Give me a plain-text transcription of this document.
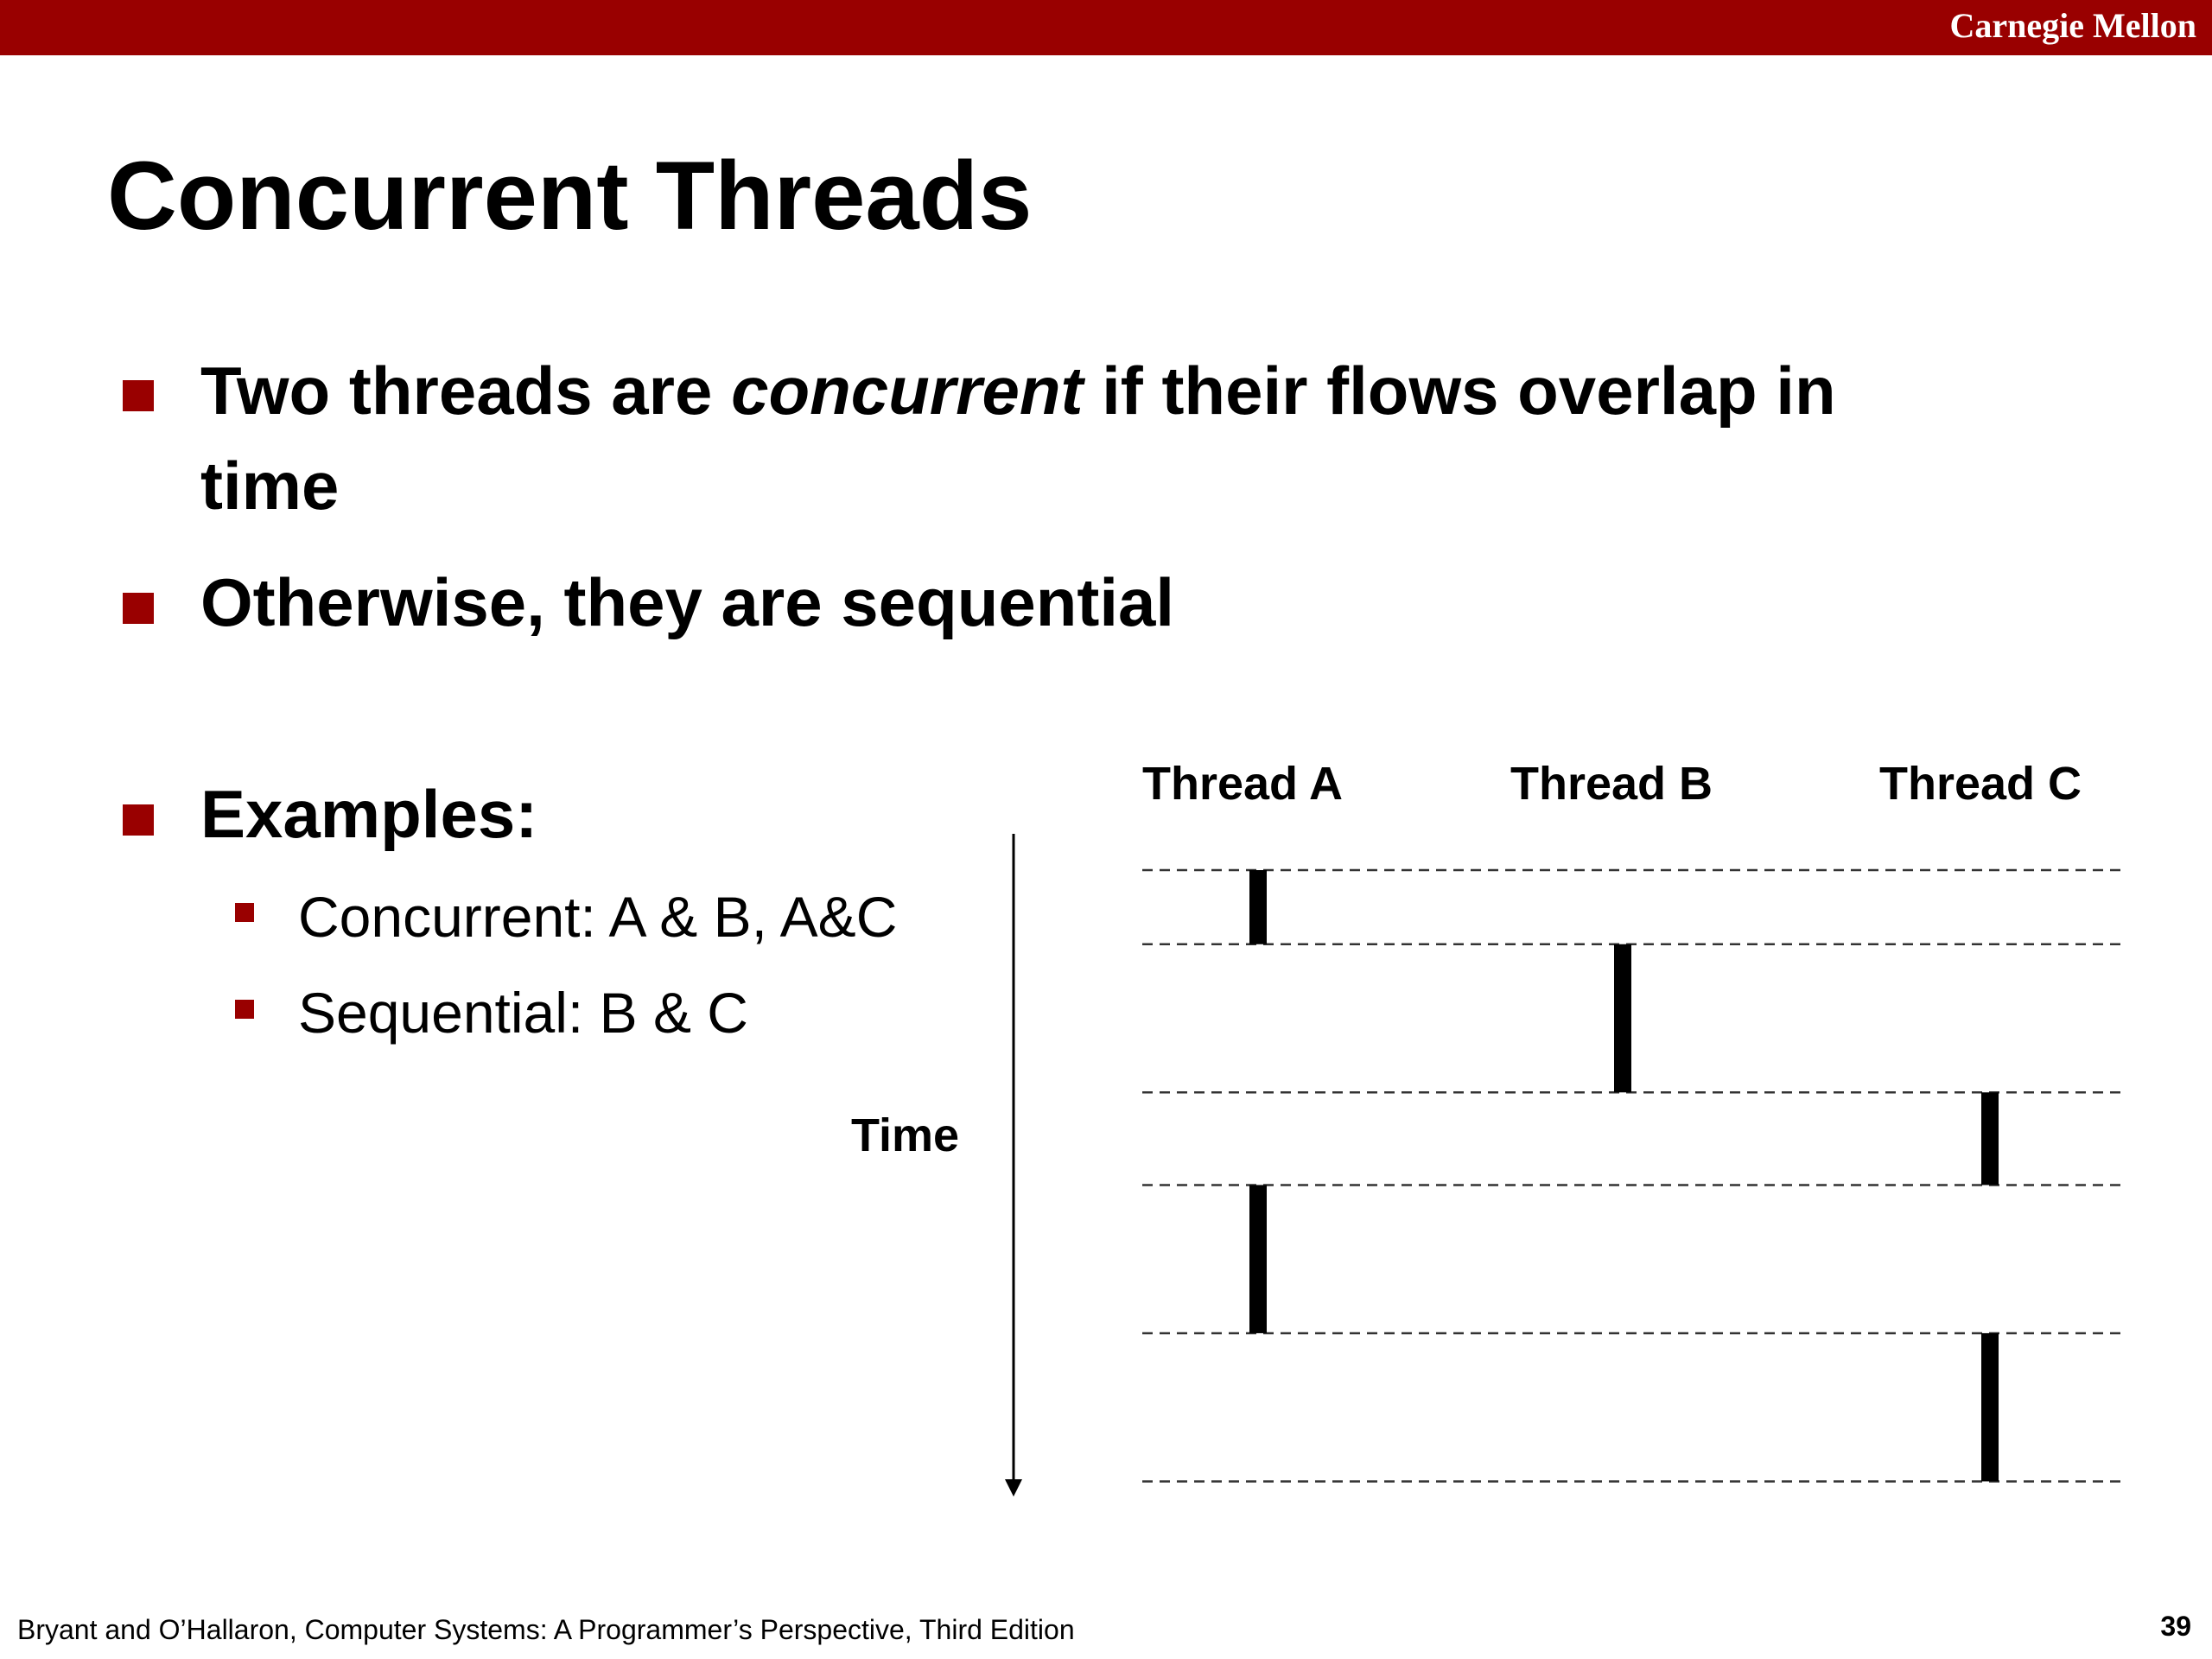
Carnegie Mellon
Concurrent Threads
Two threads are concurrent if their flows overlap in
time
Otherwise, they are sequential
Examples:
Concurrent: A & B, A&C
Sequential: B & C
Thread A	Thread B	Thread C
Time
Bryant and O’Hallaron, Computer Systems: A Programmer’s Perspective, Third Edition	39
